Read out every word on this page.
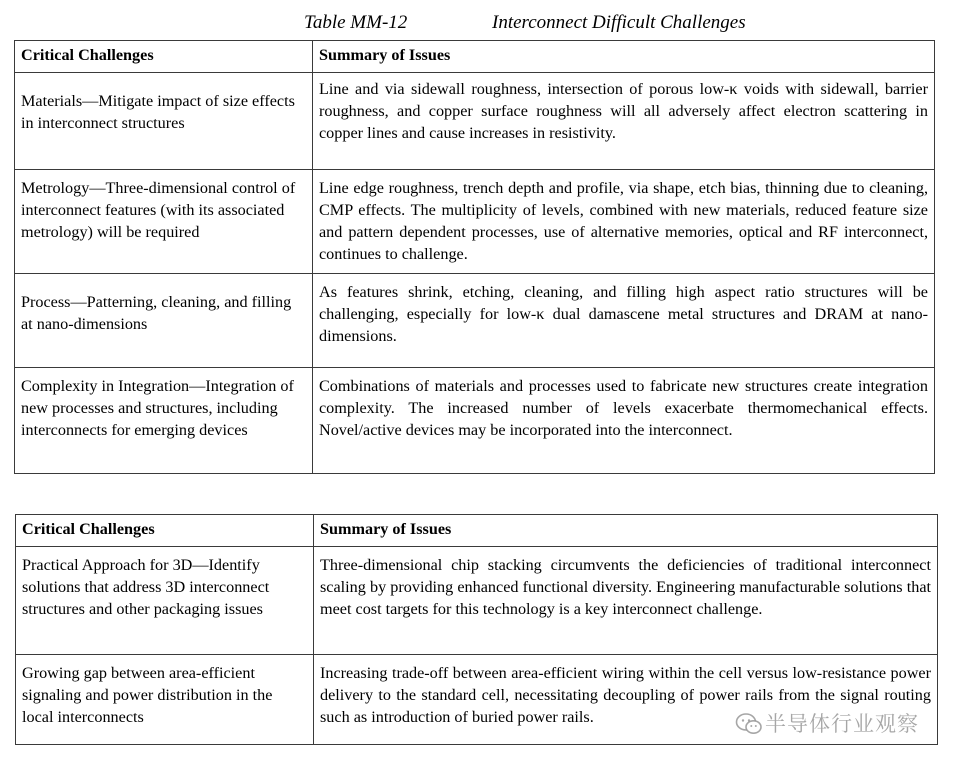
Table MM-12	Interconnect Difficult Challenges
Critical Challenges	Summary of Issues
Materials—Mitigate impact of size effects in interconnect structures	Line and via sidewall roughness, intersection of porous low-κ voids with sidewall, barrier roughness, and copper surface roughness will all adversely affect electron scattering in copper lines and cause increases in resistivity.
Metrology—Three-dimensional control of interconnect features (with its associated metrology) will be required	Line edge roughness, trench depth and profile, via shape, etch bias, thinning due to cleaning, CMP effects. The multiplicity of levels, combined with new materials, reduced feature size and pattern dependent processes, use of alternative memories, optical and RF interconnect, continues to challenge.
Process—Patterning, cleaning, and filling at nano-dimensions	As features shrink, etching, cleaning, and filling high aspect ratio structures will be challenging, especially for low-κ dual damascene metal structures and DRAM at nano-dimensions.
Complexity in Integration—Integration of new processes and structures, including interconnects for emerging devices	Combinations of materials and processes used to fabricate new structures create integration complexity. The increased number of levels exacerbate thermomechanical effects. Novel/active devices may be incorporated into the interconnect.
Critical Challenges	Summary of Issues
Practical Approach for 3D—Identify solutions that address 3D interconnect structures and other packaging issues	Three-dimensional chip stacking circumvents the deficiencies of traditional interconnect scaling by providing enhanced functional diversity. Engineering manufacturable solutions that meet cost targets for this technology is a key interconnect challenge.
Growing gap between area-efficient signaling and power distribution in the local interconnects	Increasing trade-off between area-efficient wiring within the cell versus low-resistance power delivery to the standard cell, necessitating decoupling of power rails from the signal routing such as introduction of buried power rails.	半导体行业观察
